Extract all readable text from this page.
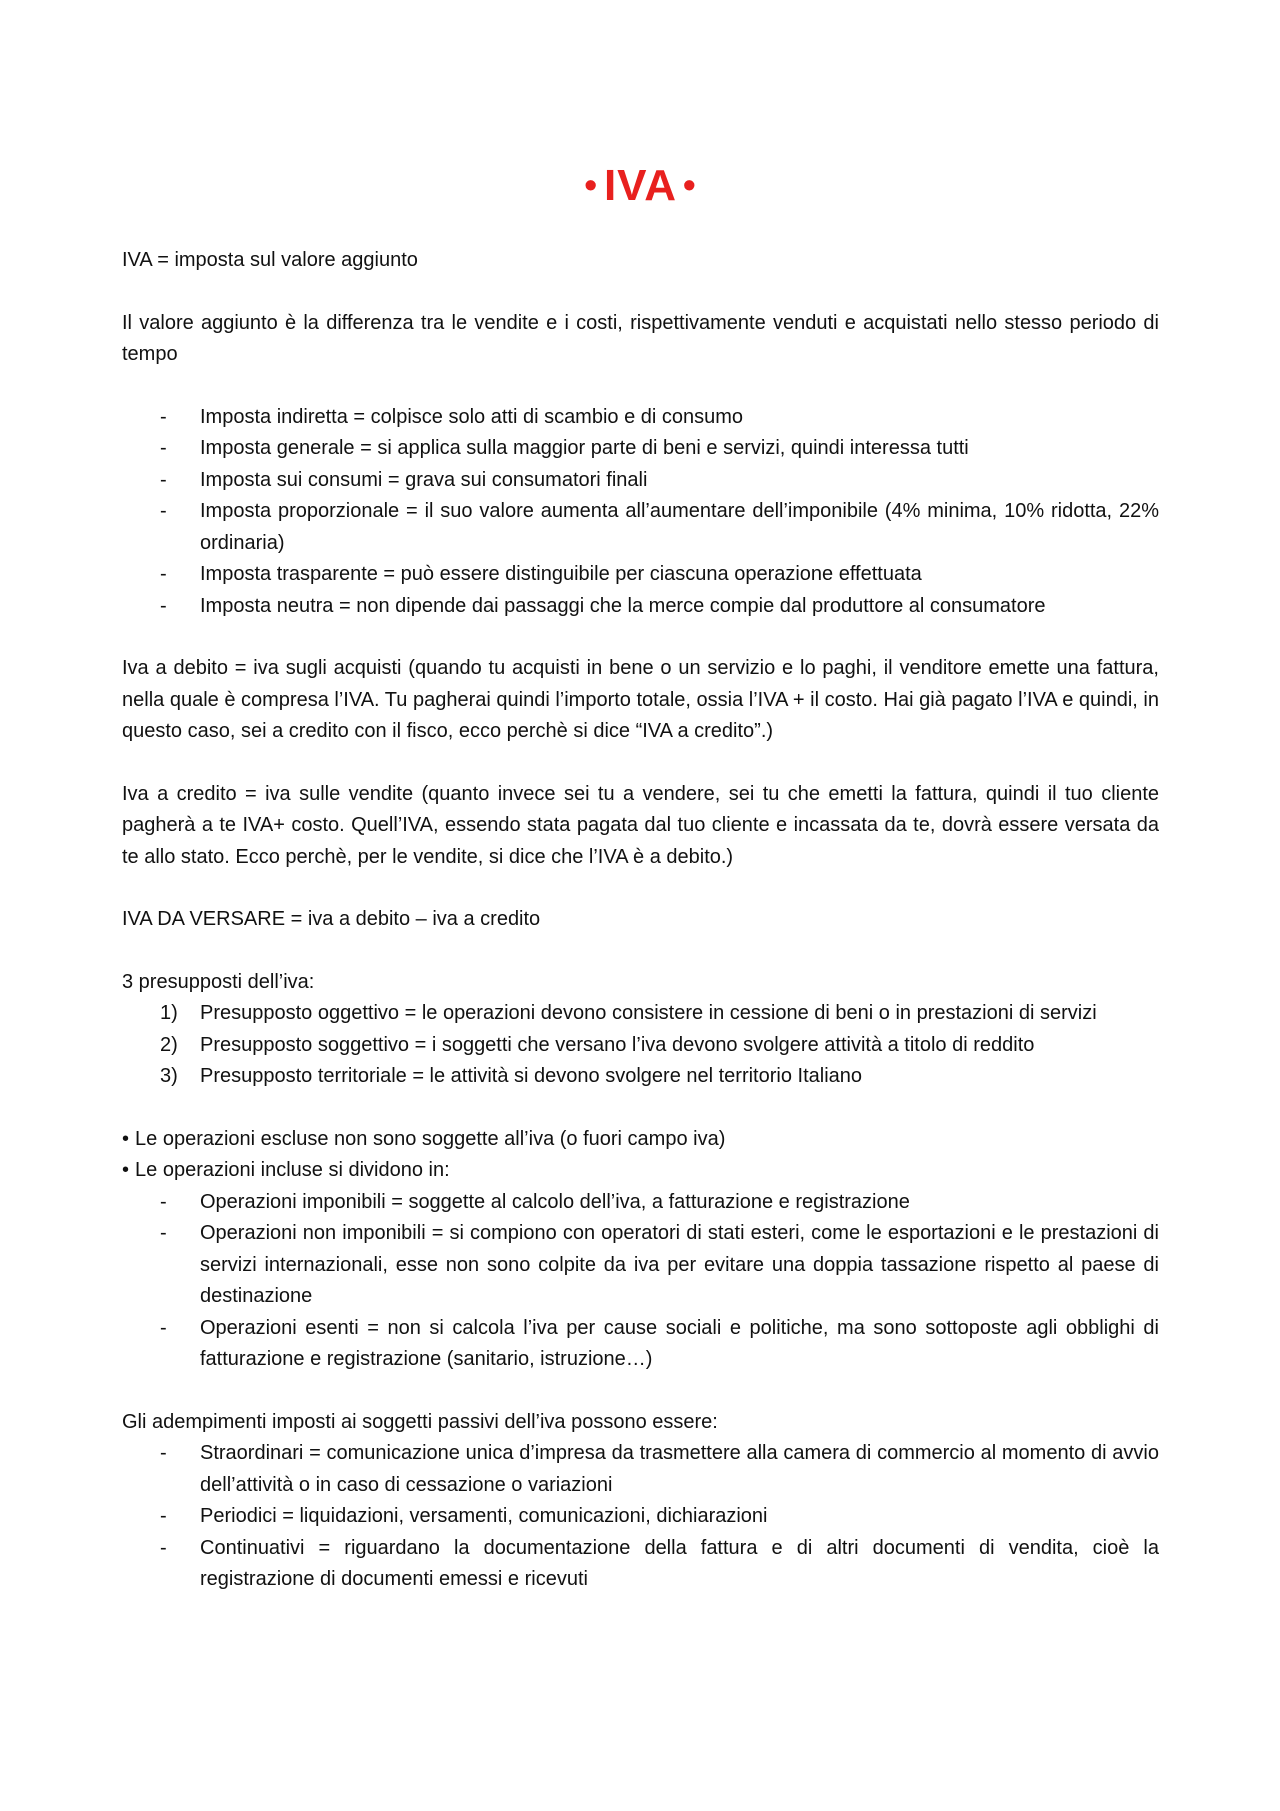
• IVA •

IVA = imposta sul valore aggiunto

Il valore aggiunto è la differenza tra le vendite e i costi, rispettivamente venduti e acquistati nello stesso periodo di tempo

- Imposta indiretta = colpisce solo atti di scambio e di consumo
- Imposta generale = si applica sulla maggior parte di beni e servizi, quindi interessa tutti
- Imposta sui consumi = grava sui consumatori finali
- Imposta proporzionale = il suo valore aumenta all’aumentare dell’imponibile (4% minima, 10% ridotta, 22% ordinaria)
- Imposta trasparente = può essere distinguibile per ciascuna operazione effettuata
- Imposta neutra = non dipende dai passaggi che la merce compie dal produttore al consumatore

Iva a debito = iva sugli acquisti (quando tu acquisti in bene o un servizio e lo paghi, il venditore emette una fattura, nella quale è compresa l’IVA. Tu pagherai quindi l’importo totale, ossia l’IVA + il costo. Hai già pagato l’IVA e quindi, in questo caso, sei a credito con il fisco, ecco perchè si dice “IVA a credito”.)

Iva a credito = iva sulle vendite (quanto invece sei tu a vendere, sei tu che emetti la fattura, quindi il tuo cliente pagherà a te IVA+ costo. Quell’IVA, essendo stata pagata dal tuo cliente e incassata da te, dovrà essere versata da te allo stato. Ecco perchè, per le vendite, si dice che l’IVA è a debito.)

IVA DA VERSARE = iva a debito – iva a credito

3 presupposti dell’iva:

1) Presupposto oggettivo = le operazioni devono consistere in cessione di beni o in prestazioni di servizi
2) Presupposto soggettivo = i soggetti che versano l’iva devono svolgere attività a titolo di reddito
3) Presupposto territoriale = le attività si devono svolgere nel territorio Italiano
• Le operazioni escluse non sono soggette all’iva (o fuori campo iva)
• Le operazioni incluse si dividono in:
- Operazioni imponibili = soggette al calcolo dell’iva, a fatturazione e registrazione
- Operazioni non imponibili = si compiono con operatori di stati esteri, come le esportazioni e le prestazioni di servizi internazionali, esse non sono colpite da iva per evitare una doppia tassazione rispetto al paese di destinazione
- Operazioni esenti = non si calcola l’iva per cause sociali e politiche, ma sono sottoposte agli obblighi di fatturazione e registrazione (sanitario, istruzione…)

Gli adempimenti imposti ai soggetti passivi dell’iva possono essere:

- Straordinari = comunicazione unica d’impresa da trasmettere alla camera di commercio al momento di avvio dell’attività o in caso di cessazione o variazioni
- Periodici = liquidazioni, versamenti, comunicazioni, dichiarazioni
- Continuativi = riguardano la documentazione della fattura e di altri documenti di vendita, cioè la registrazione di documenti emessi e ricevuti
